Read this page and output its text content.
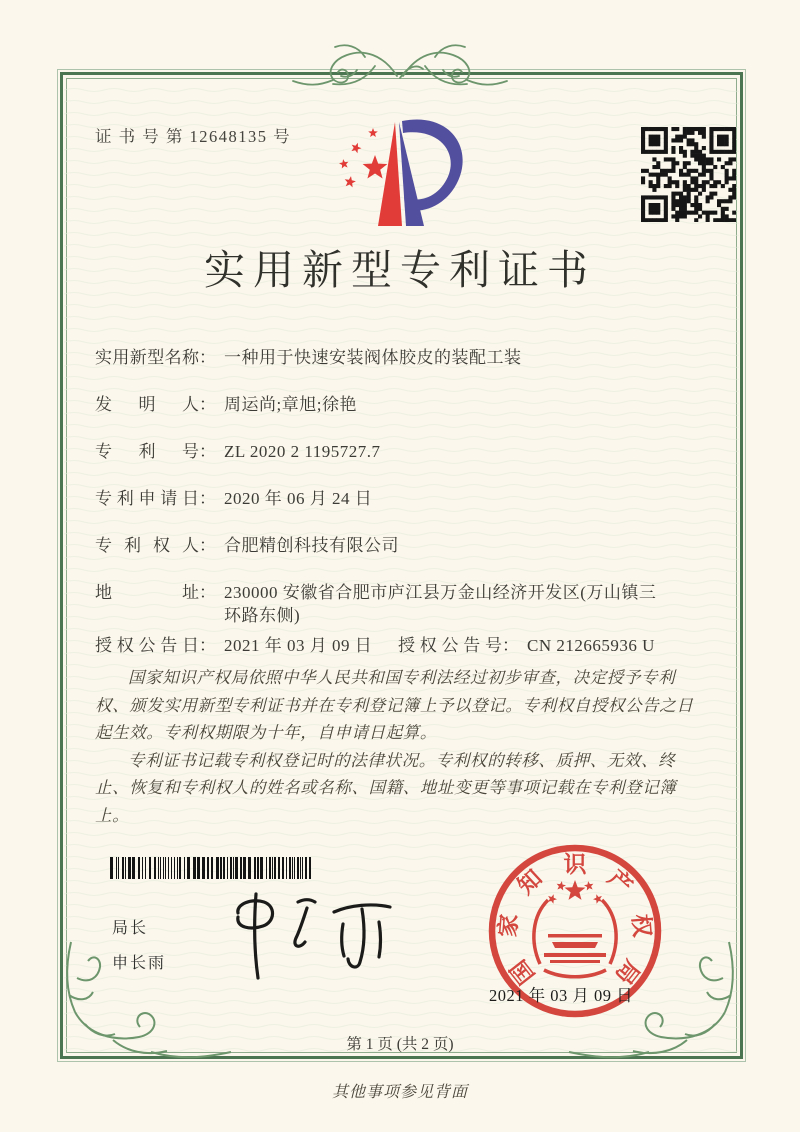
证 书 号 第 12648135 号
实用新型专利证书
实用新型名称 ： 一种用于快速安装阀体胶皮的装配工装
发明人 ： 周运尚;章旭;徐艳
专利号 ： ZL 2020 2 1195727.7
专利申请日 ： 2020 年 06 月 24 日
专利权人 ： 合肥精创科技有限公司
地址 ： 230000 安徽省合肥市庐江县万金山经济开发区(万山镇三环路东侧)
授权公告日 ： 2021 年 03 月 09 日 授权公告号 ： CN 212665936 U

国家知识产权局依照中华人民共和国专利法经过初步审查，决定授予专利权、颁发实用新型专利证书并在专利登记簿上予以登记。专利权自授权公告之日起生效。专利权期限为十年，自申请日起算。

专利证书记载专利权登记时的法律状况。专利权的转移、质押、无效、终止、恢复和专利权人的姓名或名称、国籍、地址变更等事项记载在专利登记簿上。

局长
申长雨	国
家
知
识
产
权
局
2021 年 03 月 09 日
第 1 页 (共 2 页)
其他事项参见背面
